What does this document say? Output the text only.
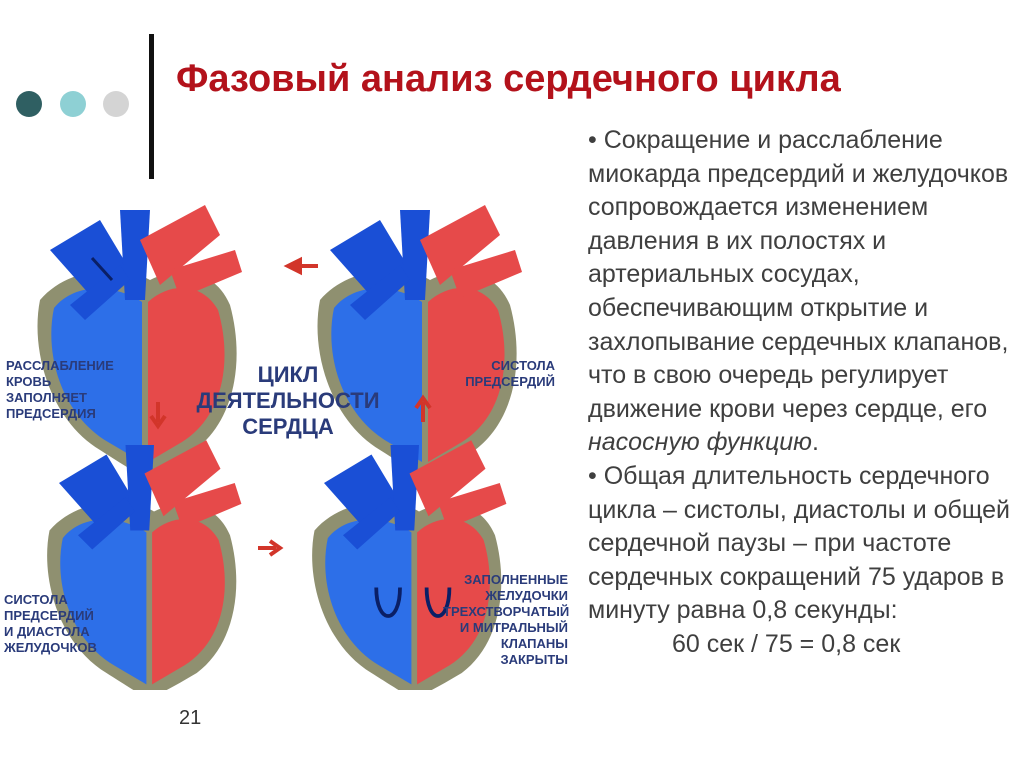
Фазовый анализ сердечного цикла
РАССЛАБЛЕНИЕ
КРОВЬ
ЗАПОЛНЯЕТ
ПРЕДСЕРДИЯ
СИСТОЛА
ПРЕДСЕРДИЙ
СИСТОЛА
ПРЕДСЕРДИЙ
И ДИАСТОЛА
ЖЕЛУДОЧКОВ
ЗАПОЛНЕННЫЕ
ЖЕЛУДОЧКИ
ТРЕХСТВОРЧАТЫЙ
И МИТРАЛЬНЫЙ
КЛАПАНЫ
ЗАКРЫТЫ
ЦИКЛ
ДЕЯТЕЛЬНОСТИ
СЕРДЦА

• Сокращение и расслабление миокарда предсердий и желудочков сопровождается изменением давления в их полостях и артериальных сосудах, обеспечивающим открытие и захлопывание сердечных клапанов, что в свою очередь регулирует движение крови через сердце, его насосную функцию.

• Общая длительность сердечного цикла – систолы, диастолы и общей сердечной паузы – при частоте сердечных сокращений 75 ударов в минуту равна 0,8 секунды:

60 сек / 75 = 0,8 сек

21
